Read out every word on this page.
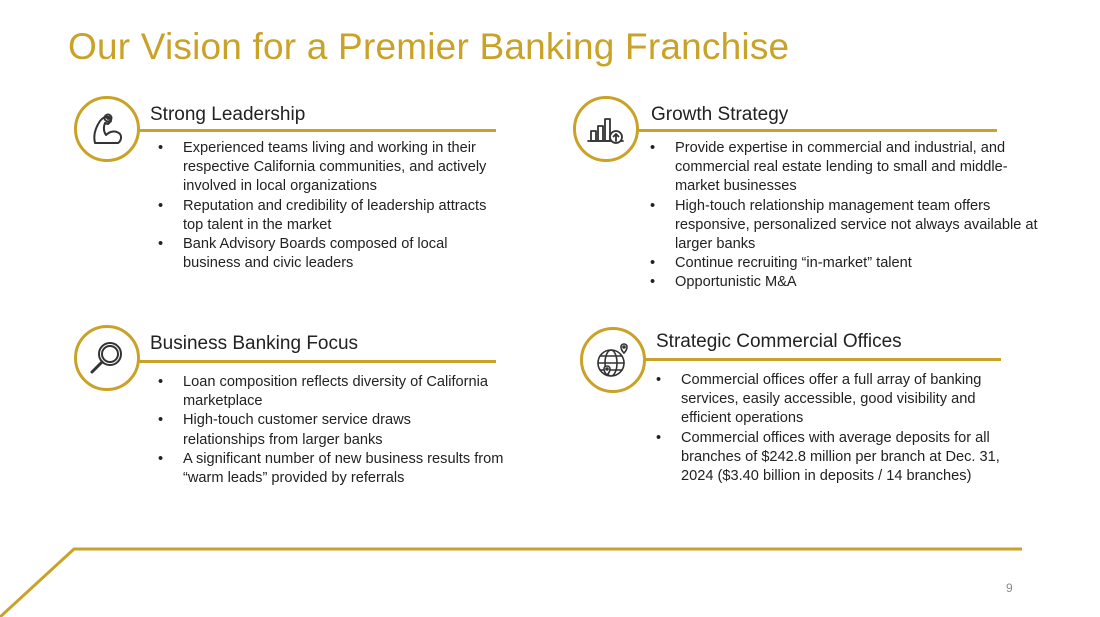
Our Vision for a Premier Banking Franchise
Strong Leadership
• Experienced teams living and working in their respective California communities, and actively involved in local organizations
• Reputation and credibility of leadership attracts top talent in the market
• Bank Advisory Boards composed of local business and civic leaders
Growth Strategy
• Provide expertise in commercial and industrial, and commercial real estate lending to small and middle-market businesses
• High-touch relationship management team offers responsive, personalized service not always available at larger banks
• Continue recruiting “in-market” talent
• Opportunistic M&A
Business Banking Focus
• Loan composition reflects diversity of California marketplace
• High-touch customer service draws relationships from larger banks
• A significant number of new business results from “warm leads” provided by referrals
Strategic Commercial Offices
• Commercial offices offer a full array of banking services, easily accessible, good visibility and efficient operations
• Commercial offices with average deposits for all branches of $242.8 million per branch at Dec. 31, 2024 ($3.40 billion in deposits / 14 branches)
9
